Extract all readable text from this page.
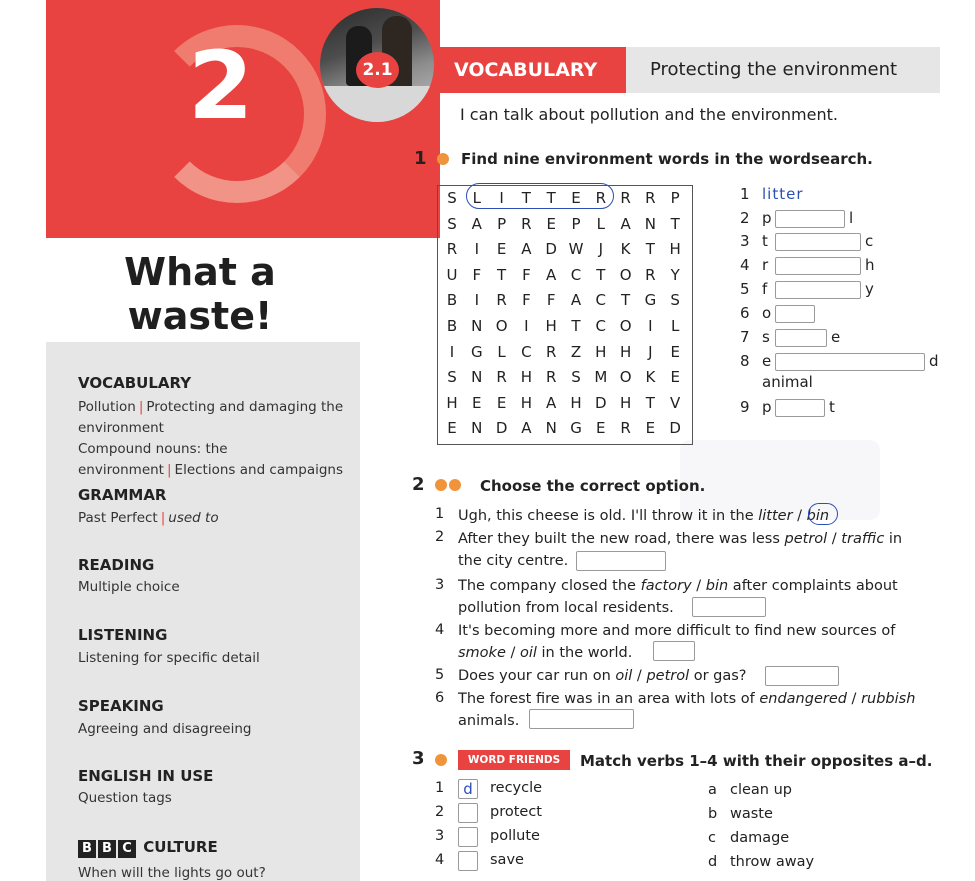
2
What a
waste!
VOCABULARY
Pollution | Protecting and damaging the environment
Compound nouns: the environment | Elections and campaigns
GRAMMAR
Past Perfect | used to
READING
Multiple choice
LISTENING
Listening for specific detail
SPEAKING
Agreeing and disagreeing
ENGLISH IN USE
Question tags
B B C CULTURE
When will the lights go out?
VOCABULARY	Protecting the environment
2.1
I can talk about pollution and the environment.
1 Find nine environment words in the wordsearch.
S	L	I	T	T	E R R R	P
S A	P	R E	P	L	A N T
R	I	E A D W	J	K	T H
U F	T	F	A C T O R Y
B	I	R	F	F	A C T G S
B N O	I	H T C O	I	L
I	G L	C R Z H H	J	E
S N R H R S M O K	E
H E	E H A H D H T	V
E N D A N G E R E D
1 litter
2 p	l
3 t	c
4 r	h
5 f	y
6 o
7 s	e
8 e	d
animal
9 p	t
2	Choose the correct option.
1 Ugh, this cheese is old. I'll throw it in the litter / bin
2 After they built the new road, there was less petrol / traffic in
the city centre.
3 The company closed the factory / bin after complaints about
pollution from local residents.
4 It's becoming more and more difficult to find new sources of
smoke / oil in the world.
5 Does your car run on oil / petrol or gas?
6 The forest fire was in an area with lots of endangered / rubbish
animals.
3	WORD FRIENDS	Match verbs 1–4 with their opposites a–d.
1	d	recycle
2	protect
3	pollute
4	save
a clean up
b waste
c damage
d throw away
